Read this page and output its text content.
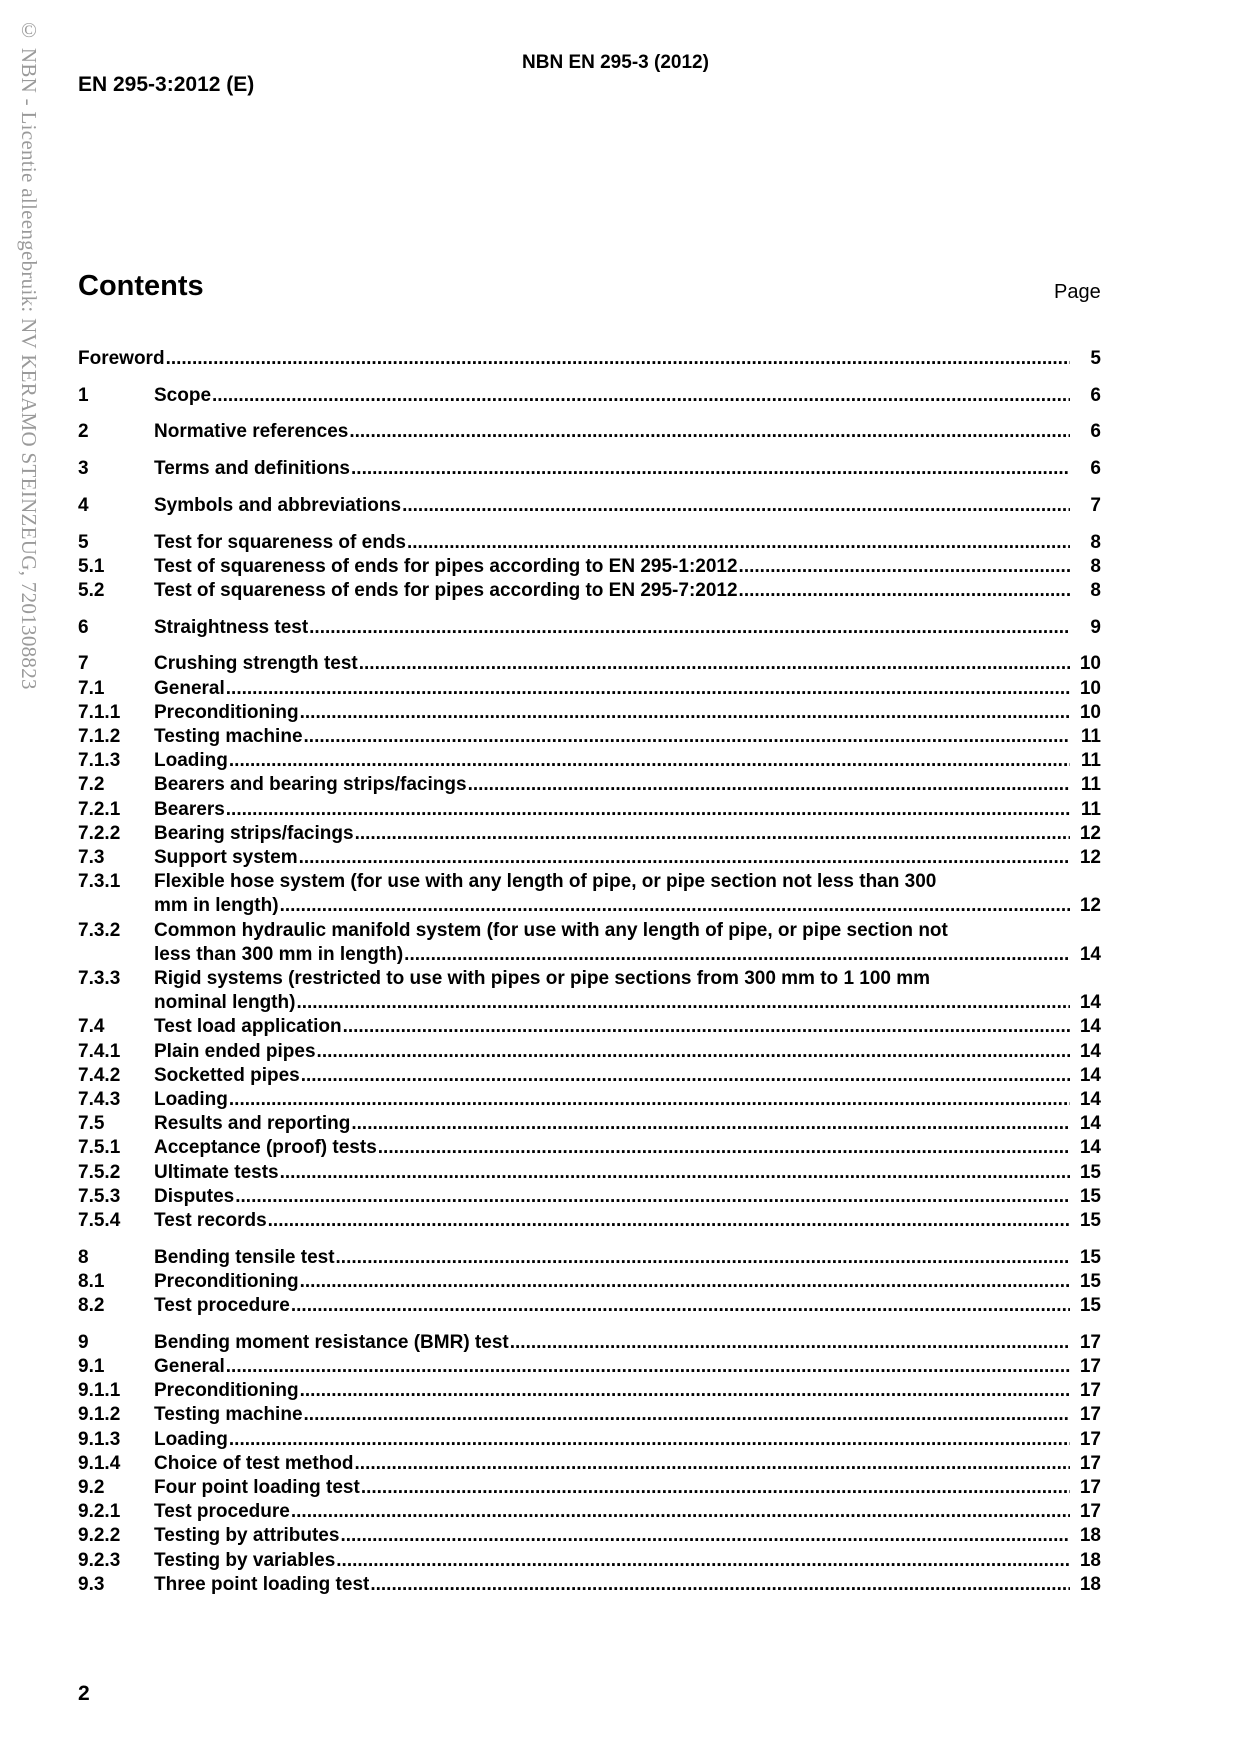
© NBN - Licentie alleengebruik: NV KERAMO STEINZEUG, 7201308823	NBN EN 295-3 (2012)
EN 295-3:2012 (E)
Contents	Page
Foreword .....	5
1	Scope .....	6
2	Normative references .....	6
3	Terms and definitions .....	6
4	Symbols and abbreviations .....	7
5	Test for squareness of ends .....	8
5.1	Test of squareness of ends for pipes according to EN 295-1:2012 .....	8
5.2	Test of squareness of ends for pipes according to EN 295-7:2012 .....	8
6	Straightness test .....	9
7	Crushing strength test .....	10
7.1	General .....	10
7.1.1 Preconditioning .....	10
7.1.2 Testing machine .....	11
7.1.3 Loading .....	11
7.2	Bearers and bearing strips/facings .....	11
7.2.1 Bearers .....	11
7.2.2 Bearing strips/facings .....	12
7.3	Support system .....	12
7.3.1 Flexible hose system (for use with any length of pipe, or pipe section not less than 300
mm in length) .....	12
7.3.2 Common hydraulic manifold system (for use with any length of pipe, or pipe section not
less than 300 mm in length) .....	14
7.3.3 Rigid systems (restricted to use with pipes or pipe sections from 300 mm to 1 100 mm
nominal length) .....	14
7.4	Test load application .....	14
7.4.1 Plain ended pipes .....	14
7.4.2 Socketted pipes .....	14
7.4.3 Loading .....	14
7.5	Results and reporting .....	14
7.5.1 Acceptance (proof) tests .....	14
7.5.2 Ultimate tests .....	15
7.5.3 Disputes .....	15
7.5.4 Test records .....	15
8	Bending tensile test .....	15
8.1	Preconditioning .....	15
8.2	Test procedure .....	15
9	Bending moment resistance (BMR) test .....	17
9.1	General .....	17
9.1.1 Preconditioning .....	17
9.1.2 Testing machine .....	17
9.1.3 Loading .....	17
9.1.4 Choice of test method .....	17
9.2	Four point loading test .....	17
9.2.1 Test procedure .....	17
9.2.2 Testing by attributes .....	18
9.2.3 Testing by variables .....	18
9.3	Three point loading test .....	18
2
